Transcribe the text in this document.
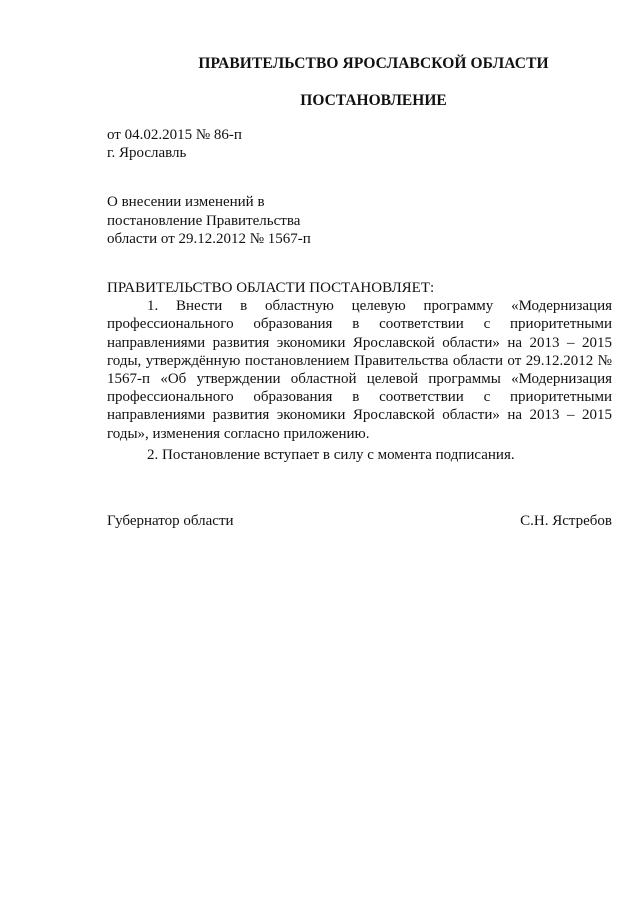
ПРАВИТЕЛЬСТВО ЯРОСЛАВСКОЙ ОБЛАСТИ
ПОСТАНОВЛЕНИЕ
от 04.02.2015 № 86-п
г. Ярославль
О внесении изменений в
постановление Правительства
области от 29.12.2012 № 1567-п
ПРАВИТЕЛЬСТВО ОБЛАСТИ ПОСТАНОВЛЯЕТ:

1. Внести в областную целевую программу «Модернизация профессионального образования в соответствии с приоритетными направлениями развития экономики Ярославской области» на 2013 – 2015 годы, утверждённую постановлением Правительства области от 29.12.2012 № 1567-п «Об утверждении областной целевой программы «Модернизация профессионального образования в соответствии с приоритетными направлениями развития экономики Ярославской области» на 2013 – 2015 годы», изменения согласно приложению.

2. Постановление вступает в силу с момента подписания.

Губернатор области	С.Н. Ястребов
